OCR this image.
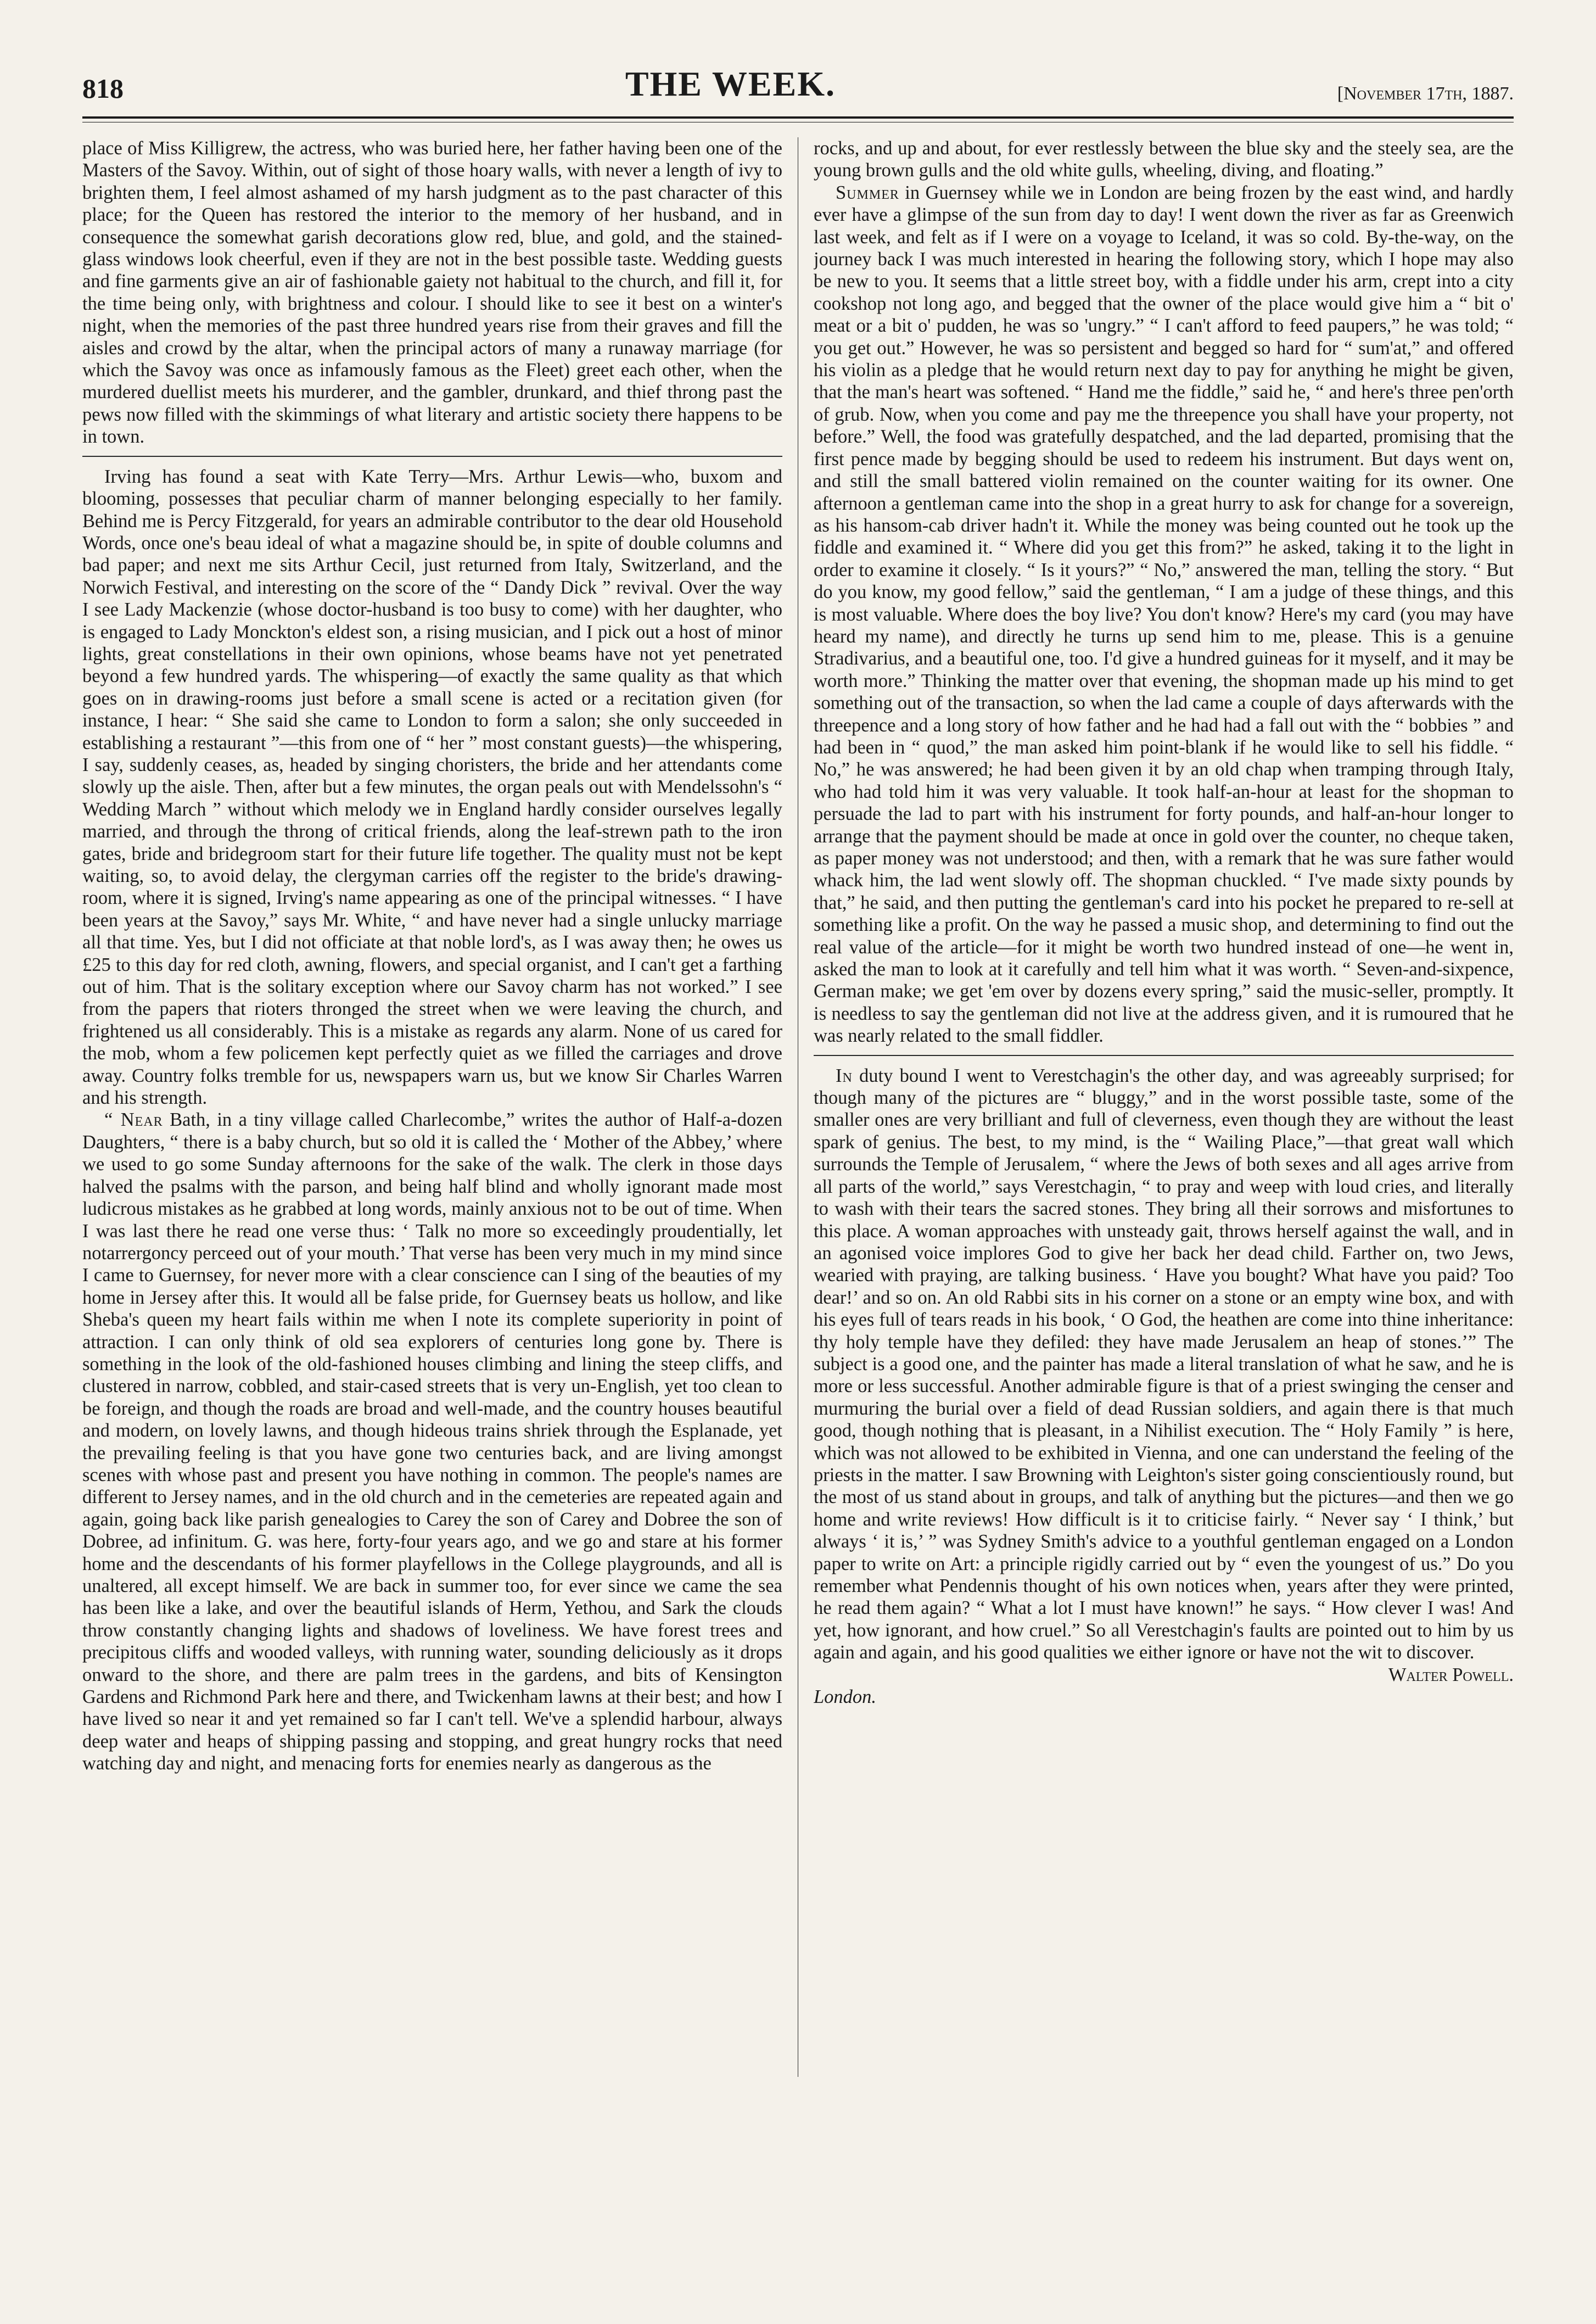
818	THE WEEK.	[November 17th, 1887.

place of Miss Killigrew, the actress, who was buried here, her father having been one of the Masters of the Savoy. Within, out of sight of those hoary walls, with never a length of ivy to brighten them, I feel almost ashamed of my harsh judgment as to the past character of this place; for the Queen has restored the interior to the memory of her husband, and in consequence the somewhat garish decorations glow red, blue, and gold, and the stained-glass windows look cheerful, even if they are not in the best possible taste. Wedding guests and fine garments give an air of fashionable gaiety not habitual to the church, and fill it, for the time being only, with brightness and colour. I should like to see it best on a winter's night, when the memories of the past three hundred years rise from their graves and fill the aisles and crowd by the altar, when the principal actors of many a runaway marriage (for which the Savoy was once as infamously famous as the Fleet) greet each other, when the murdered duellist meets his murderer, and the gambler, drunkard, and thief throng past the pews now filled with the skimmings of what literary and artistic society there happens to be in town.

Irving has found a seat with Kate Terry—Mrs. Arthur Lewis—who, buxom and blooming, possesses that peculiar charm of manner belonging especially to her family. Behind me is Percy Fitzgerald, for years an admirable contributor to the dear old Household Words, once one's beau ideal of what a magazine should be, in spite of double columns and bad paper; and next me sits Arthur Cecil, just returned from Italy, Switzerland, and the Norwich Festival, and interesting on the score of the “ Dandy Dick ” revival. Over the way I see Lady Mackenzie (whose doctor-husband is too busy to come) with her daughter, who is engaged to Lady Monckton's eldest son, a rising musician, and I pick out a host of minor lights, great constellations in their own opinions, whose beams have not yet penetrated beyond a few hundred yards. The whispering—of exactly the same quality as that which goes on in drawing-rooms just before a small scene is acted or a recitation given (for instance, I hear: “ She said she came to London to form a salon; she only succeeded in establishing a restaurant ”—this from one of “ her ” most constant guests)—the whispering, I say, suddenly ceases, as, headed by singing choristers, the bride and her attendants come slowly up the aisle. Then, after but a few minutes, the organ peals out with Mendelssohn's “ Wedding March ” without which melody we in England hardly consider ourselves legally married, and through the throng of critical friends, along the leaf-strewn path to the iron gates, bride and bridegroom start for their future life together. The quality must not be kept waiting, so, to avoid delay, the clergyman carries off the register to the bride's drawing-room, where it is signed, Irving's name appearing as one of the principal witnesses. “ I have been years at the Savoy,” says Mr. White, “ and have never had a single unlucky marriage all that time. Yes, but I did not officiate at that noble lord's, as I was away then; he owes us £25 to this day for red cloth, awning, flowers, and special organist, and I can't get a farthing out of him. That is the solitary exception where our Savoy charm has not worked.” I see from the papers that rioters thronged the street when we were leaving the church, and frightened us all considerably. This is a mistake as regards any alarm. None of us cared for the mob, whom a few policemen kept perfectly quiet as we filled the carriages and drove away. Country folks tremble for us, newspapers warn us, but we know Sir Charles Warren and his strength.

“ Near Bath, in a tiny village called Charlecombe,” writes the author of Half-a-dozen Daughters, “ there is a baby church, but so old it is called the ‘ Mother of the Abbey,’ where we used to go some Sunday afternoons for the sake of the walk. The clerk in those days halved the psalms with the parson, and being half blind and wholly ignorant made most ludicrous mistakes as he grabbed at long words, mainly anxious not to be out of time. When I was last there he read one verse thus: ‘ Talk no more so exceedingly proudentially, let notarrergoncy perceed out of your mouth.’ That verse has been very much in my mind since I came to Guernsey, for never more with a clear conscience can I sing of the beauties of my home in Jersey after this. It would all be false pride, for Guernsey beats us hollow, and like Sheba's queen my heart fails within me when I note its complete superiority in point of attraction. I can only think of old sea explorers of centuries long gone by. There is something in the look of the old-fashioned houses climbing and lining the steep cliffs, and clustered in narrow, cobbled, and stair-cased streets that is very un-English, yet too clean to be foreign, and though the roads are broad and well-made, and the country houses beautiful and modern, on lovely lawns, and though hideous trains shriek through the Esplanade, yet the prevailing feeling is that you have gone two centuries back, and are living amongst scenes with whose past and present you have nothing in common. The people's names are different to Jersey names, and in the old church and in the cemeteries are repeated again and again, going back like parish genealogies to Carey the son of Carey and Dobree the son of Dobree, ad infinitum. G. was here, forty-four years ago, and we go and stare at his former home and the descendants of his former playfellows in the College playgrounds, and all is unaltered, all except himself. We are back in summer too, for ever since we came the sea has been like a lake, and over the beautiful islands of Herm, Yethou, and Sark the clouds throw constantly changing lights and shadows of loveliness. We have forest trees and precipitous cliffs and wooded valleys, with running water, sounding deliciously as it drops onward to the shore, and there are palm trees in the gardens, and bits of Kensington Gardens and Richmond Park here and there, and Twickenham lawns at their best; and how I have lived so near it and yet remained so far I can't tell. We've a splendid harbour, always deep water and heaps of shipping passing and stopping, and great hungry rocks that need watching day and night, and menacing forts for enemies nearly as dangerous as the

rocks, and up and about, for ever restlessly between the blue sky and the steely sea, are the young brown gulls and the old white gulls, wheeling, diving, and floating.”

Summer in Guernsey while we in London are being frozen by the east wind, and hardly ever have a glimpse of the sun from day to day! I went down the river as far as Greenwich last week, and felt as if I were on a voyage to Iceland, it was so cold. By-the-way, on the journey back I was much interested in hearing the following story, which I hope may also be new to you. It seems that a little street boy, with a fiddle under his arm, crept into a city cookshop not long ago, and begged that the owner of the place would give him a “ bit o' meat or a bit o' pudden, he was so 'ungry.” “ I can't afford to feed paupers,” he was told; “ you get out.” However, he was so persistent and begged so hard for “ sum'at,” and offered his violin as a pledge that he would return next day to pay for anything he might be given, that the man's heart was softened. “ Hand me the fiddle,” said he, “ and here's three pen'orth of grub. Now, when you come and pay me the threepence you shall have your property, not before.” Well, the food was gratefully despatched, and the lad departed, promising that the first pence made by begging should be used to redeem his instrument. But days went on, and still the small battered violin remained on the counter waiting for its owner. One afternoon a gentleman came into the shop in a great hurry to ask for change for a sovereign, as his hansom-cab driver hadn't it. While the money was being counted out he took up the fiddle and examined it. “ Where did you get this from?” he asked, taking it to the light in order to examine it closely. “ Is it yours?” “ No,” answered the man, telling the story. “ But do you know, my good fellow,” said the gentleman, “ I am a judge of these things, and this is most valuable. Where does the boy live? You don't know? Here's my card (you may have heard my name), and directly he turns up send him to me, please. This is a genuine Stradivarius, and a beautiful one, too. I'd give a hundred guineas for it myself, and it may be worth more.” Thinking the matter over that evening, the shopman made up his mind to get something out of the transaction, so when the lad came a couple of days afterwards with the threepence and a long story of how father and he had had a fall out with the “ bobbies ” and had been in “ quod,” the man asked him point-blank if he would like to sell his fiddle. “ No,” he was answered; he had been given it by an old chap when tramping through Italy, who had told him it was very valuable. It took half-an-hour at least for the shopman to persuade the lad to part with his instrument for forty pounds, and half-an-hour longer to arrange that the payment should be made at once in gold over the counter, no cheque taken, as paper money was not understood; and then, with a remark that he was sure father would whack him, the lad went slowly off. The shopman chuckled. “ I've made sixty pounds by that,” he said, and then putting the gentleman's card into his pocket he prepared to re-sell at something like a profit. On the way he passed a music shop, and determining to find out the real value of the article—for it might be worth two hundred instead of one—he went in, asked the man to look at it carefully and tell him what it was worth. “ Seven-and-sixpence, German make; we get 'em over by dozens every spring,” said the music-seller, promptly. It is needless to say the gentleman did not live at the address given, and it is rumoured that he was nearly related to the small fiddler.

In duty bound I went to Verestchagin's the other day, and was agreeably surprised; for though many of the pictures are “ bluggy,” and in the worst possible taste, some of the smaller ones are very brilliant and full of cleverness, even though they are without the least spark of genius. The best, to my mind, is the “ Wailing Place,”—that great wall which surrounds the Temple of Jerusalem, “ where the Jews of both sexes and all ages arrive from all parts of the world,” says Verestchagin, “ to pray and weep with loud cries, and literally to wash with their tears the sacred stones. They bring all their sorrows and misfortunes to this place. A woman approaches with unsteady gait, throws herself against the wall, and in an agonised voice implores God to give her back her dead child. Farther on, two Jews, wearied with praying, are talking business. ‘ Have you bought? What have you paid? Too dear!’ and so on. An old Rabbi sits in his corner on a stone or an empty wine box, and with his eyes full of tears reads in his book, ‘ O God, the heathen are come into thine inheritance: thy holy temple have they defiled: they have made Jerusalem an heap of stones.’” The subject is a good one, and the painter has made a literal translation of what he saw, and he is more or less successful. Another admirable figure is that of a priest swinging the censer and murmuring the burial over a field of dead Russian soldiers, and again there is that much good, though nothing that is pleasant, in a Nihilist execution. The “ Holy Family ” is here, which was not allowed to be exhibited in Vienna, and one can understand the feeling of the priests in the matter. I saw Browning with Leighton's sister going conscientiously round, but the most of us stand about in groups, and talk of anything but the pictures—and then we go home and write reviews! How difficult is it to criticise fairly. “ Never say ‘ I think,’ but always ‘ it is,’ ” was Sydney Smith's advice to a youthful gentleman engaged on a London paper to write on Art: a principle rigidly carried out by “ even the youngest of us.” Do you remember what Pendennis thought of his own notices when, years after they were printed, he read them again? “ What a lot I must have known!” he says. “ How clever I was! And yet, how ignorant, and how cruel.” So all Verestchagin's faults are pointed out to him by us again and again, and his good qualities we either ignore or have not the wit to discover.

Walter Powell.

London.
